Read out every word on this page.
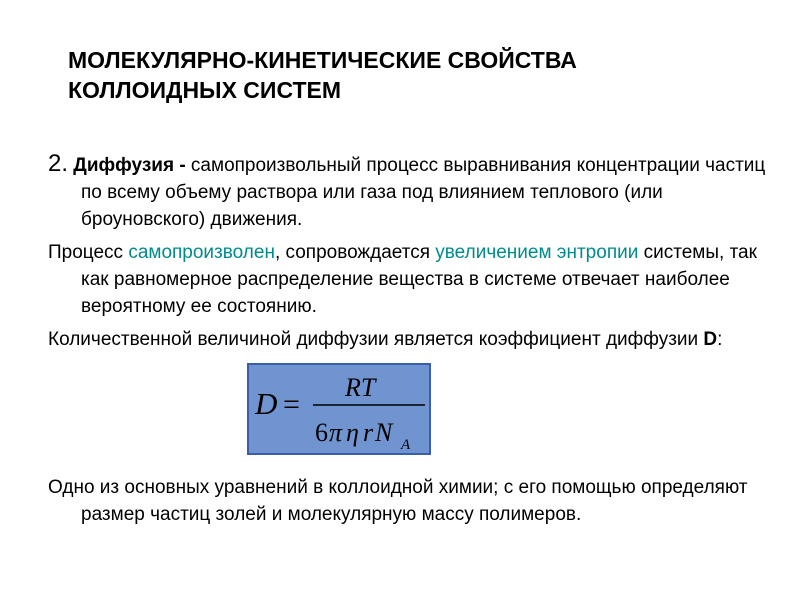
МОЛЕКУЛЯРНО-КИНЕТИЧЕСКИЕ СВОЙСТВА
КОЛЛОИДНЫХ СИСТЕМ
2. Диффузия - самопроизвольный процесс выравнивания концентрации частиц по всему объему раствора или газа под влиянием теплового (или броуновского) движения.
Процесс самопроизволен, сопровождается увеличением энтропии системы, так как равномерное распределение вещества в системе отвечает наиболее вероятному ее состоянию.
Количественной величиной диффузии является коэффициент диффузии D:
D =
RT
6 π η r N A
Одно из основных уравнений в коллоидной химии; с его помощью определяют размер частиц золей и молекулярную массу полимеров.
